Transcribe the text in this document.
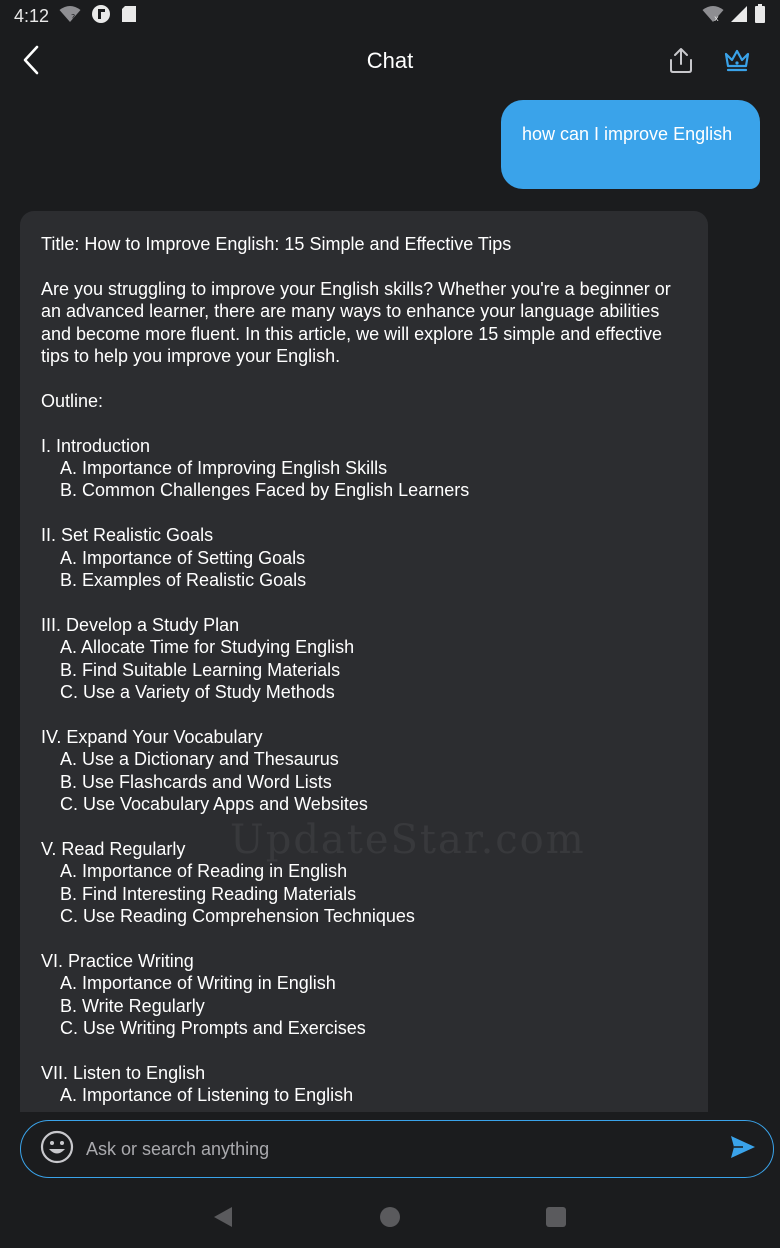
4:12	?	x
Chat
how can I improve English
Title: How to Improve English: 15 Simple and Effective Tips
Are you struggling to improve your English skills? Whether you're a beginner or an advanced learner, there are many ways to enhance your language abilities and become more fluent. In this article, we will explore 15 simple and effective tips to help you improve your English.
Outline:
I. Introduction
A. Importance of Improving English Skills
B. Common Challenges Faced by English Learners
II. Set Realistic Goals
A. Importance of Setting Goals
B. Examples of Realistic Goals
III. Develop a Study Plan
A. Allocate Time for Studying English
B. Find Suitable Learning Materials
C. Use a Variety of Study Methods
IV. Expand Your Vocabulary
A. Use a Dictionary and Thesaurus
B. Use Flashcards and Word Lists
C. Use Vocabulary Apps and Websites
V. Read Regularly
A. Importance of Reading in English
B. Find Interesting Reading Materials
C. Use Reading Comprehension Techniques
VI. Practice Writing
A. Importance of Writing in English
B. Write Regularly
C. Use Writing Prompts and Exercises
VII. Listen to English
A. Importance of Listening to English
UpdateStar.com
Ask or search anything
